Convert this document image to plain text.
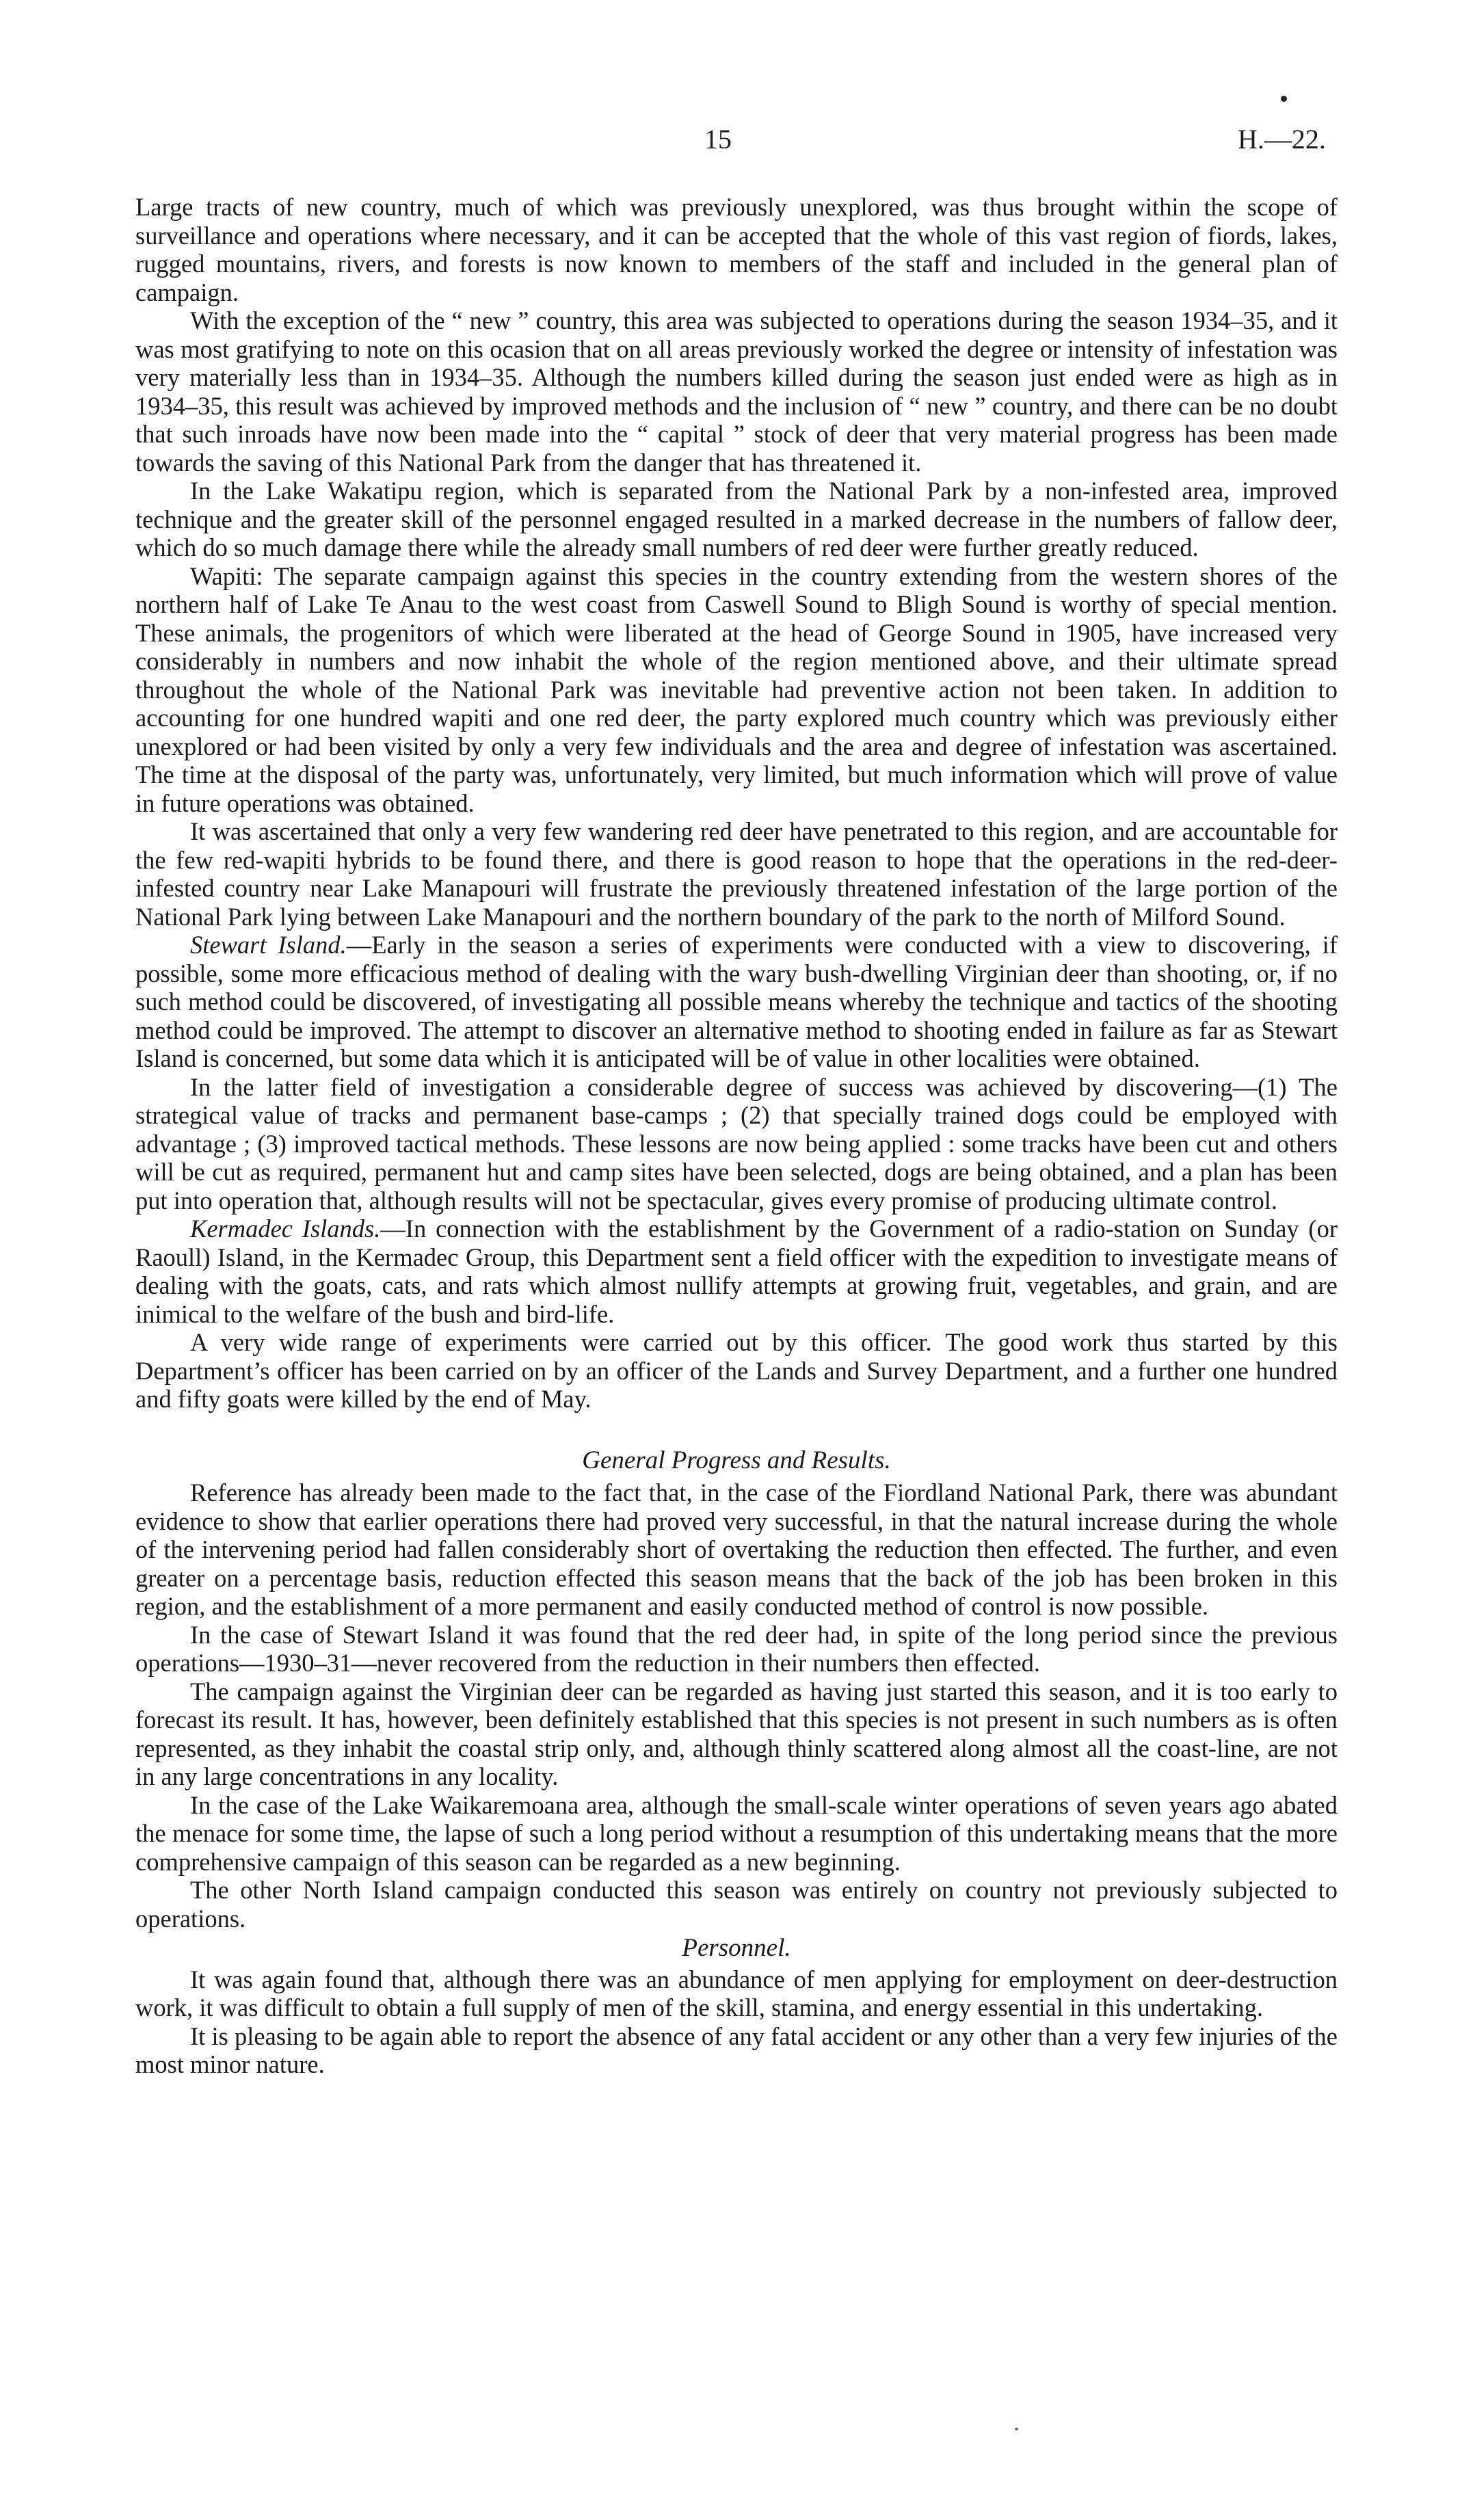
15	H.—22.

Large tracts of new country, much of which was previously unexplored, was thus brought within the scope of surveillance and operations where necessary, and it can be accepted that the whole of this vast region of fiords, lakes, rugged mountains, rivers, and forests is now known to members of the staff and included in the general plan of campaign.

With the exception of the “ new ” country, this area was subjected to operations during the season 1934–35, and it was most gratifying to note on this ocasion that on all areas previously worked the degree or intensity of infestation was very materially less than in 1934–35. Although the numbers killed during the season just ended were as high as in 1934–35, this result was achieved by improved methods and the inclusion of “ new ” country, and there can be no doubt that such inroads have now been made into the “ capital ” stock of deer that very material progress has been made towards the saving of this National Park from the danger that has threatened it.

In the Lake Wakatipu region, which is separated from the National Park by a non-infested area, improved technique and the greater skill of the personnel engaged resulted in a marked decrease in the numbers of fallow deer, which do so much damage there while the already small numbers of red deer were further greatly reduced.

Wapiti: The separate campaign against this species in the country extending from the western shores of the northern half of Lake Te Anau to the west coast from Caswell Sound to Bligh Sound is worthy of special mention. These animals, the progenitors of which were liberated at the head of George Sound in 1905, have increased very considerably in numbers and now inhabit the whole of the region mentioned above, and their ultimate spread throughout the whole of the National Park was inevitable had preventive action not been taken. In addition to accounting for one hundred wapiti and one red deer, the party explored much country which was previously either unexplored or had been visited by only a very few individuals and the area and degree of infestation was ascertained. The time at the disposal of the party was, unfortunately, very limited, but much information which will prove of value in future operations was obtained.

It was ascertained that only a very few wandering red deer have penetrated to this region, and are accountable for the few red-wapiti hybrids to be found there, and there is good reason to hope that the operations in the red-deer-infested country near Lake Manapouri will frustrate the previously threatened infestation of the large portion of the National Park lying between Lake Manapouri and the northern boundary of the park to the north of Milford Sound.

Stewart Island.—Early in the season a series of experiments were conducted with a view to discovering, if possible, some more efficacious method of dealing with the wary bush-dwelling Virginian deer than shooting, or, if no such method could be discovered, of investigating all possible means whereby the technique and tactics of the shooting method could be improved. The attempt to discover an alternative method to shooting ended in failure as far as Stewart Island is concerned, but some data which it is anticipated will be of value in other localities were obtained.

In the latter field of investigation a considerable degree of success was achieved by discovering—(1) The strategical value of tracks and permanent base-camps ; (2) that specially trained dogs could be employed with advantage ; (3) improved tactical methods. These lessons are now being applied : some tracks have been cut and others will be cut as required, permanent hut and camp sites have been selected, dogs are being obtained, and a plan has been put into operation that, although results will not be spectacular, gives every promise of producing ultimate control.

Kermadec Islands.—In connection with the establishment by the Government of a radio-station on Sunday (or Raoull) Island, in the Kermadec Group, this Department sent a field officer with the expedition to investigate means of dealing with the goats, cats, and rats which almost nullify attempts at growing fruit, vegetables, and grain, and are inimical to the welfare of the bush and bird-life.

A very wide range of experiments were carried out by this officer. The good work thus started by this Department’s officer has been carried on by an officer of the Lands and Survey Department, and a further one hundred and fifty goats were killed by the end of May.

General Progress and Results.

Reference has already been made to the fact that, in the case of the Fiordland National Park, there was abundant evidence to show that earlier operations there had proved very successful, in that the natural increase during the whole of the intervening period had fallen considerably short of overtaking the reduction then effected. The further, and even greater on a percentage basis, reduction effected this season means that the back of the job has been broken in this region, and the establishment of a more permanent and easily conducted method of control is now possible.

In the case of Stewart Island it was found that the red deer had, in spite of the long period since the previous operations—1930–31—never recovered from the reduction in their numbers then effected.

The campaign against the Virginian deer can be regarded as having just started this season, and it is too early to forecast its result. It has, however, been definitely established that this species is not present in such numbers as is often represented, as they inhabit the coastal strip only, and, although thinly scattered along almost all the coast-line, are not in any large concentrations in any locality.

In the case of the Lake Waikaremoana area, although the small-scale winter operations of seven years ago abated the menace for some time, the lapse of such a long period without a resumption of this undertaking means that the more comprehensive campaign of this season can be regarded as a new beginning.

The other North Island campaign conducted this season was entirely on country not previously subjected to operations.

Personnel.

It was again found that, although there was an abundance of men applying for employment on deer-destruction work, it was difficult to obtain a full supply of men of the skill, stamina, and energy essential in this undertaking.

It is pleasing to be again able to report the absence of any fatal accident or any other than a very few injuries of the most minor nature.
